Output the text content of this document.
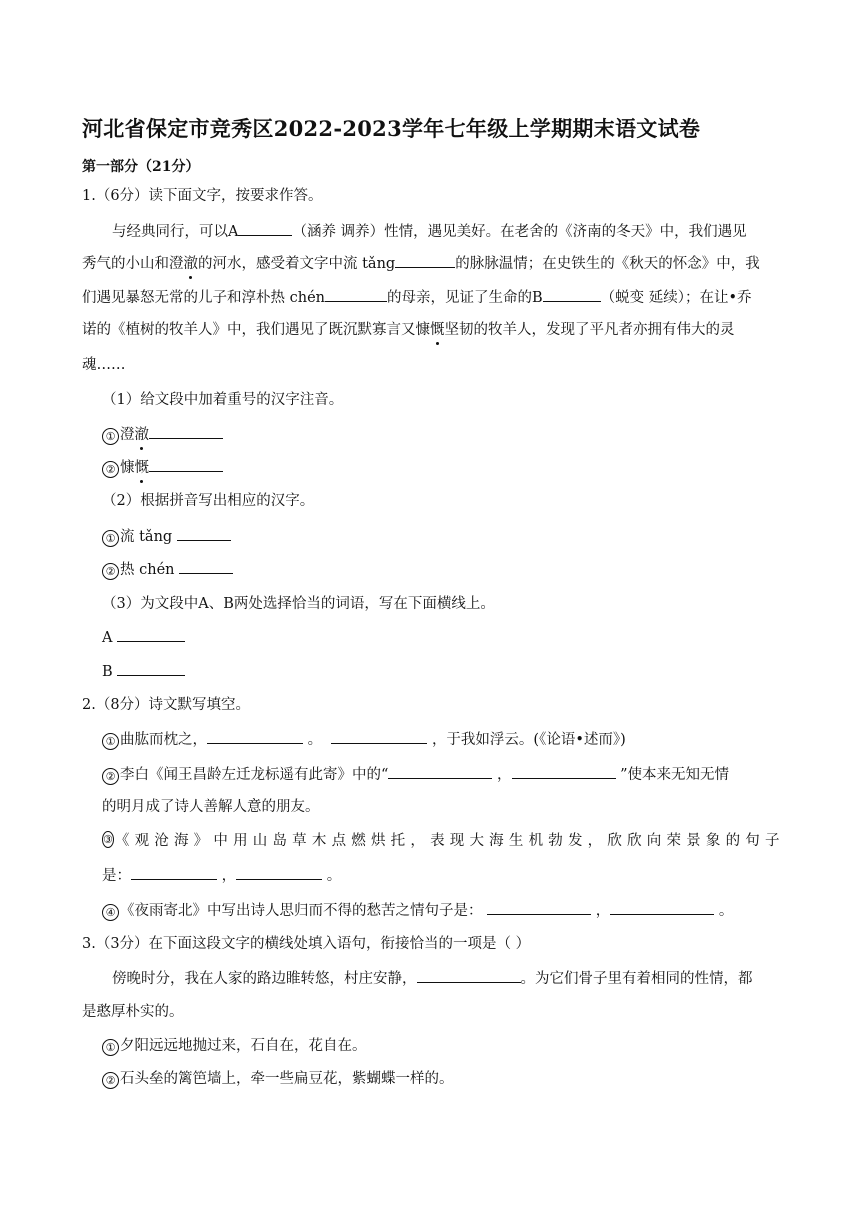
河北省保定市竞秀区2022-2023学年七年级上学期期末语文试卷
第一部分（21分）
1.（6分）读下面文字，按要求作答。
与经典同行，可以A	（涵养 调养）性情，遇见美好。在老舍的《济南的冬天》中，我们遇见
秀气的小山和澄澈的河水，感受着文字中流 tǎng	的脉脉温情；在史铁生的《秋天的怀念》中，我
们遇见暴怒无常的儿子和淳朴热 chén	的母亲，见证了生命的B	（蜕变 延续）；在让•乔
诺的《植树的牧羊人》中，我们遇见了既沉默寡言又慷慨坚韧的牧羊人，发现了平凡者亦拥有伟大的灵
魂……
（1）给文段中加着重号的汉字注音。
① 澄澈
② 慷慨
（2）根据拼音写出相应的汉字。
① 流 tǎng
② 热 chén
（3）为文段中A、B两处选择恰当的词语，写在下面横线上。
A
B
2.（8分）诗文默写填空。
① 曲肱而枕之，	。	，于我如浮云。(《论语•述而》)
② 李白《闻王昌龄左迁龙标遥有此寄》中的“	，	”使本来无知无情
的明月成了诗人善解人意的朋友。
③ 《观沧海》中用山岛草木点燃烘托，表现大海生机勃发，欣欣向荣景象的句子
是：	，	。
④ 《夜雨寄北》中写出诗人思归而不得的愁苦之情句子是：	，	。
3.（3分）在下面这段文字的横线处填入语句，衔接恰当的一项是（ ）
傍晚时分，我在人家的路边睢转悠，村庄安静，	。为它们骨子里有着相同的性情，都
是憨厚朴实的。
① 夕阳远远地抛过来，石自在，花自在。
② 石头垒的篱笆墙上，牵一些扁豆花，紫蝴蝶一样的。
